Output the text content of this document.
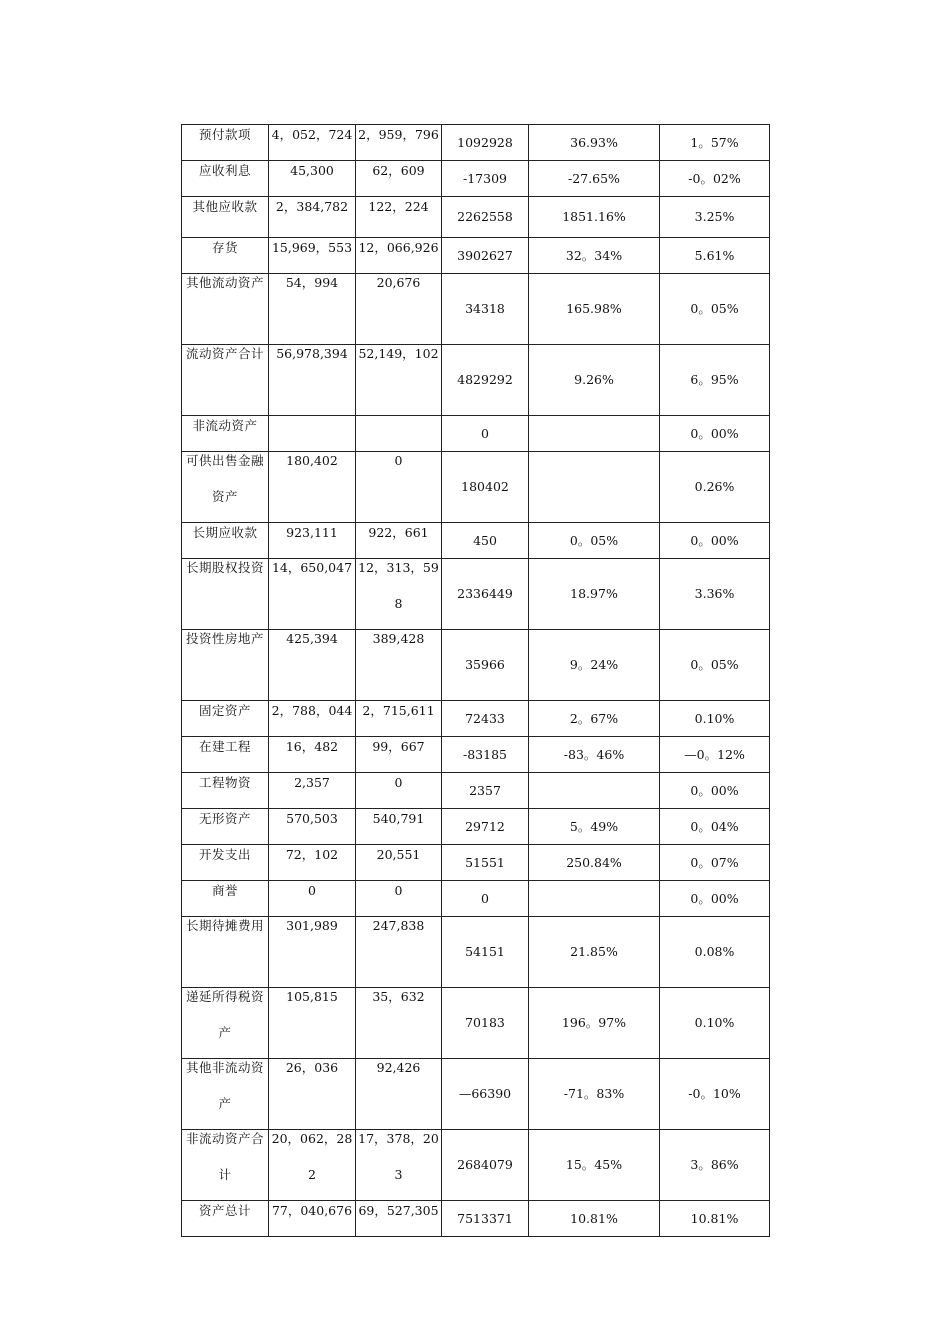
预付款项	4，052，724	2，959，796	1092928	36.93%	1。57%
应收利息	45,300	62，609	-17309	-27.65%	-0。02%
其他应收款	2，384,782	122，224	2262558	1851.16%	3.25%
存货	15,969，553	12，066,926	3902627	32。34%	5.61%

其他流动资产	54，994	20,676	34318	165.98%	0。05%

流动资产合计	56,978,394	52,149，102	4829292	9.26%	6。95%
非流动资产			0		0。00%

可供出售金融资产	180,402	0	180402		0.26%
长期应收款	923,111	922，661	450	0。05%	0。00%

长期股权投资	14，650,047	12，313，598	2336449	18.97%	3.36%

投资性房地产	425,394	389,428	35966	9。24%	0。05%
固定资产	2，788，044	2，715,611	72433	2。67%	0.10%
在建工程	16，482	99，667	-83185	-83。46%	—0。12%
工程物资	2,357	0	2357		0。00%
无形资产	570,503	540,791	29712	5。49%	0。04%
开发支出	72，102	20,551	51551	250.84%	0。07%
商誉	0	0	0		0。00%

长期待摊费用	301,989	247,838	54151	21.85%	0.08%

递延所得税资产	105,815	35，632	70183	196。97%	0.10%

其他非流动资产	26，036	92,426	—66390	-71。83%	-0。10%

非流动资产合计	20，062，282	17，378，203	2684079	15。45%	3。86%
资产总计	77，040,676	69，527,305	7513371	10.81%	10.81%
